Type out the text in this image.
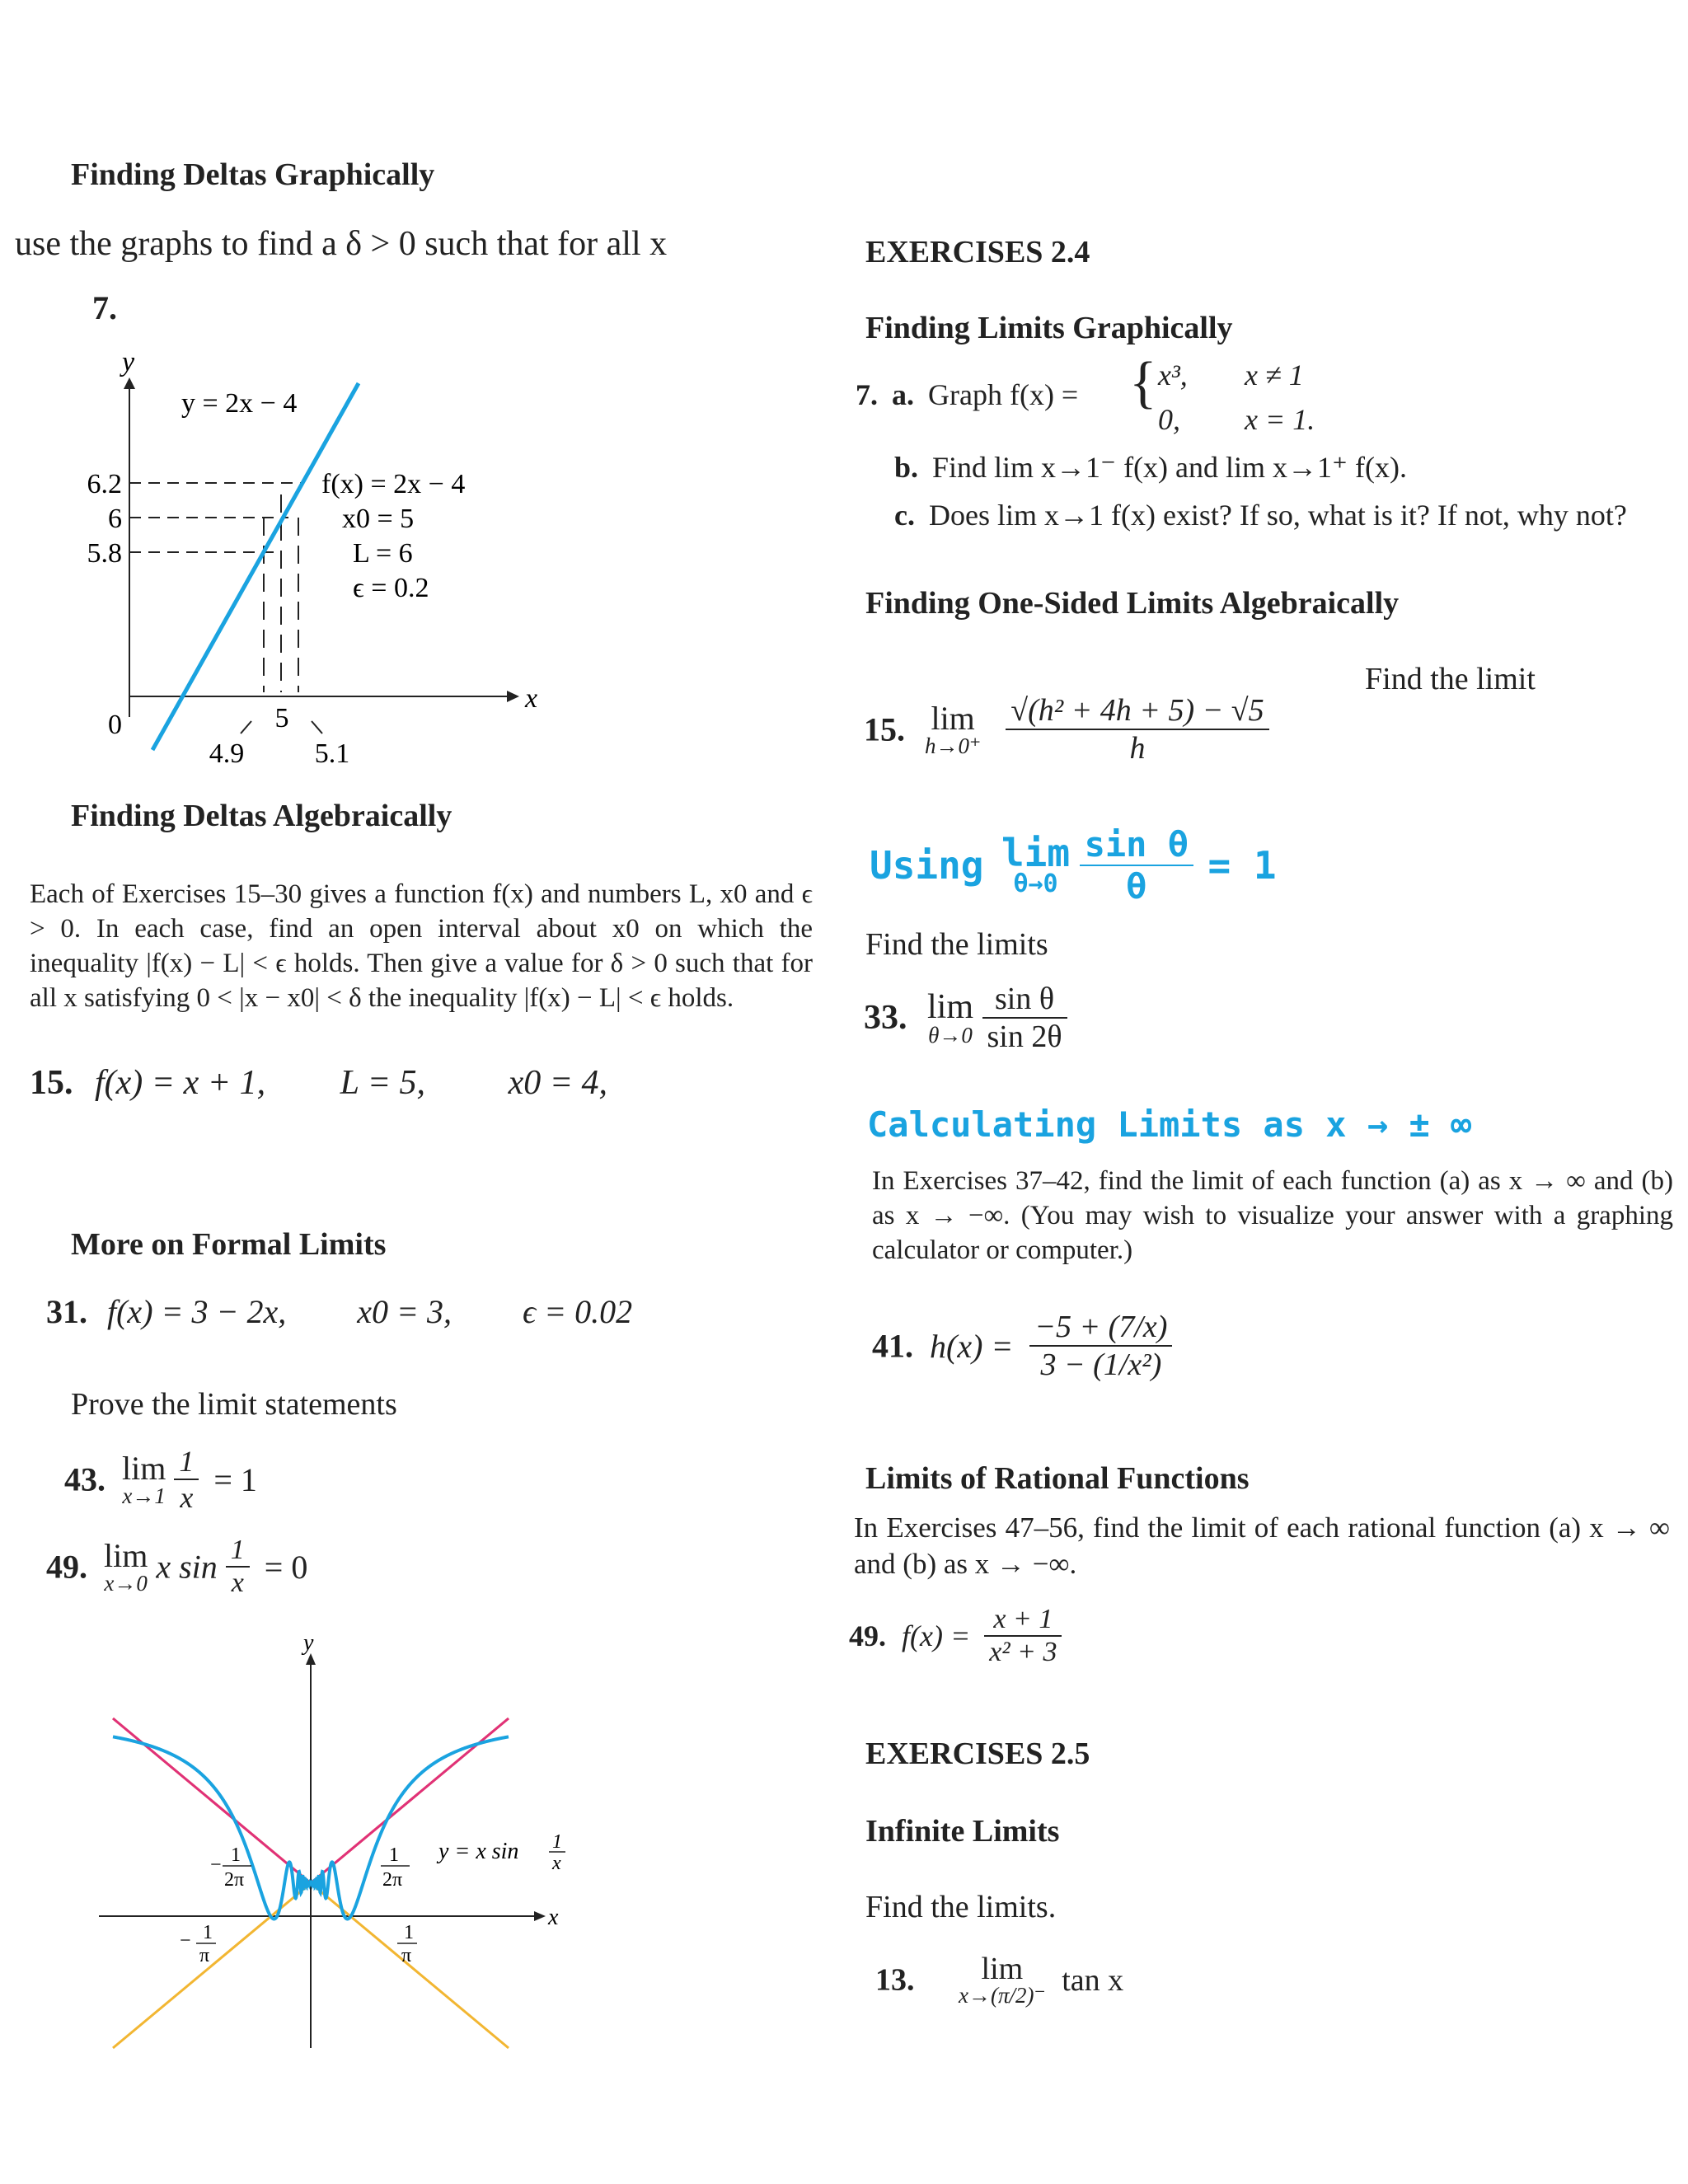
Finding Deltas Graphically
use the graphs to find a δ > 0 such that for all x
7.
y
x
y = 2x − 4
f(x) = 2x − 4
x0 = 5
L = 6
ϵ = 0.2
6.2
6
5.8
0
4.9
5
5.1
Finding Deltas Algebraically
Each of Exercises 15–30 gives a function f(x) and numbers L, x0 and ϵ > 0. In each case, find an open interval about x0 on which the inequality |f(x) − L| < ϵ holds. Then give a value for δ > 0 such that for all x satisfying 0 < |x − x0| < δ the inequality |f(x) − L| < ϵ holds.
15. f(x) = x + 1, L = 5, x0 = 4,
More on Formal Limits
31. f(x) = 3 − 2x, x0 = 3, ϵ = 0.02
Prove the limit statements
43. lim
x→1
$\frac{1}{x} = 1$
49. lim
x→0 x $\sin \frac{1}{x} = 0$
y
x
y = x sin 1
x
− 1
2π
1
2π
− 1
π
1
π
EXERCISES 2.4
Finding Limits Graphically
7. a. Graph f(x) = { x³, x ≠ 1
0, x = 1.
b. Find lim x→1⁻ f(x) and lim x→1⁺ f(x).
c. Does lim x→1 f(x) exist? If so, what is it? If not, why not?
Finding One-Sided Limits Algebraically
Find the limit
15. lim
h→0⁺
$\frac{\text{√(h² + 4h + 5) − √5}}{h}$
Using lim
θ→0
$\frac{\text{sin θ}}{\theta} = 1$
Find the limits
33. lim
θ→0
$\frac{\text{sin θ}}{\sin 2\theta}$
Calculating Limits as x → ± ∞
In Exercises 37–42, find the limit of each function (a) as x → ∞ and (b) as x → −∞. (You may wish to visualize your answer with a graphing calculator or computer.)
41. $h(x) = \frac{-5 + (7/x)}{\text{3 − (1/x²)}}$
Limits of Rational Functions
In Exercises 47–56, find the limit of each rational function (a) x → ∞ and (b) as x → −∞.
49. $f(x) = \frac{x + 1}{\text{x² + 3}}$
EXERCISES 2.5
Infinite Limits
Find the limits.
13. lim
x→(π/2)⁻ tan x
